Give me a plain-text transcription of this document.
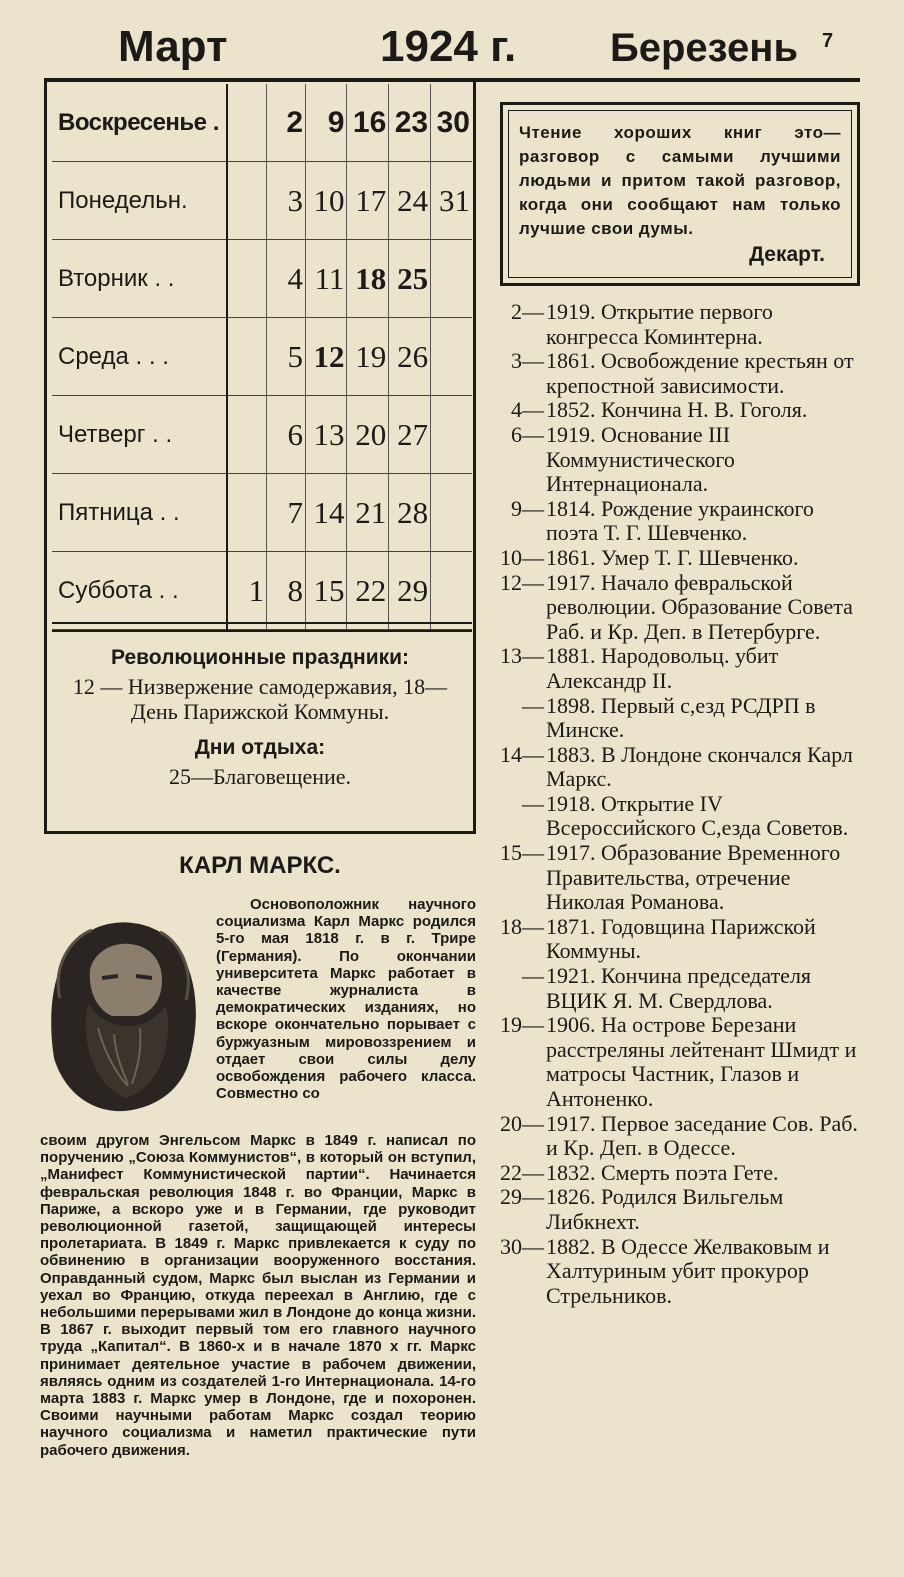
Март	1924 г. Березень 7
Воскресенье .		2	9	16	23	30
Понедельн.		3	10	17	24	31
Вторник . .		4	11	18	25	
Среда . . .		5	12	19	26	
Четверг . .		6	13	20	27	
Пятница . .		7	14	21	28	
Суббота . .	1	8	15	22	29	

Революционные праздники:

12 — Низвержение самодержавия, 18—День Парижской Коммуны.

Дни отдыха:

25—Благовещение.

Чтение хороших книг это— разговор с самыми лучшими людьми и притом такой разговор, когда они сообщают нам только лучшие свои думы.

Декарт.

2— 1919. Открытие первого конгресса Коминтерна.
3— 1861. Освобождение крестьян от крепостной зависимости.
4— 1852. Кончина Н. В. Гоголя.
6— 1919. Основание III Коммунистического Интернационала.
9— 1814. Рождение украинского поэта Т. Г. Шевченко.
10— 1861. Умер Т. Г. Шевченко.
12— 1917. Начало февральской революции. Образование Совета Раб. и Кр. Деп. в Петербурге.
13— 1881. Народовольц. убит Александр II.
— 1898. Первый с,езд РСДРП в Минске.
14— 1883. В Лондоне скончался Карл Маркс.
— 1918. Открытие IV Всероссийского С,езда Советов.
15— 1917. Образование Временного Правительства, отречение Николая Романова.
18— 1871. Годовщина Парижской Коммуны.
— 1921. Кончина председателя ВЦИК Я. М. Свердлова.
19— 1906. На острове Березани расстреляны лейтенант Шмидт и матросы Частник, Глазов и Антоненко.
20— 1917. Первое заседание Сов. Раб. и Кр. Деп. в Одессе.
22— 1832. Смерть поэта Гете.
29— 1826. Родился Вильгельм Либкнехт.
30— 1882. В Одессе Желваковым и Халтуриным убит прокурор Стрельников.

КАРЛ МАРКС.

Основоположник научного социализма Карл Маркс родился 5-го мая 1818 г. в г. Трире (Германия). По окончании университета Маркс работает в качестве журналиста в демократических изданиях, но вскоре окончательно порывает с буржуазным мировоззрением и отдает свои силы делу освобождения рабочего класса. Совместно со

своим другом Энгельсом Маркс в 1849 г. написал по поручению „Союза Коммунистов“, в который он вступил, „Манифест Коммунистической партии“. Начинается февральская революция 1848 г. во Франции, Маркс в Париже, а вскоро уже и в Германии, где руководит революционной газетой, защищающей интересы пролетариата. В 1849 г. Маркс привлекается к суду по обвинению в организации вооруженного восстания. Оправданный судом, Маркс был выслан из Германии и уехал во Францию, откуда переехал в Англию, где с небольшими перерывами жил в Лондоне до конца жизни. В 1867 г. выходит первый том его главного научного труда „Капитал“. В 1860-х и в начале 1870 х гг. Маркс принимает деятельное участие в рабочем движении, являясь одним из создателей 1-го Интернационала. 14-го марта 1883 г. Маркс умер в Лондоне, где и похоронен. Своими научными работам Маркс создал теорию научного социализма и наметил практические пути рабочего движения.
